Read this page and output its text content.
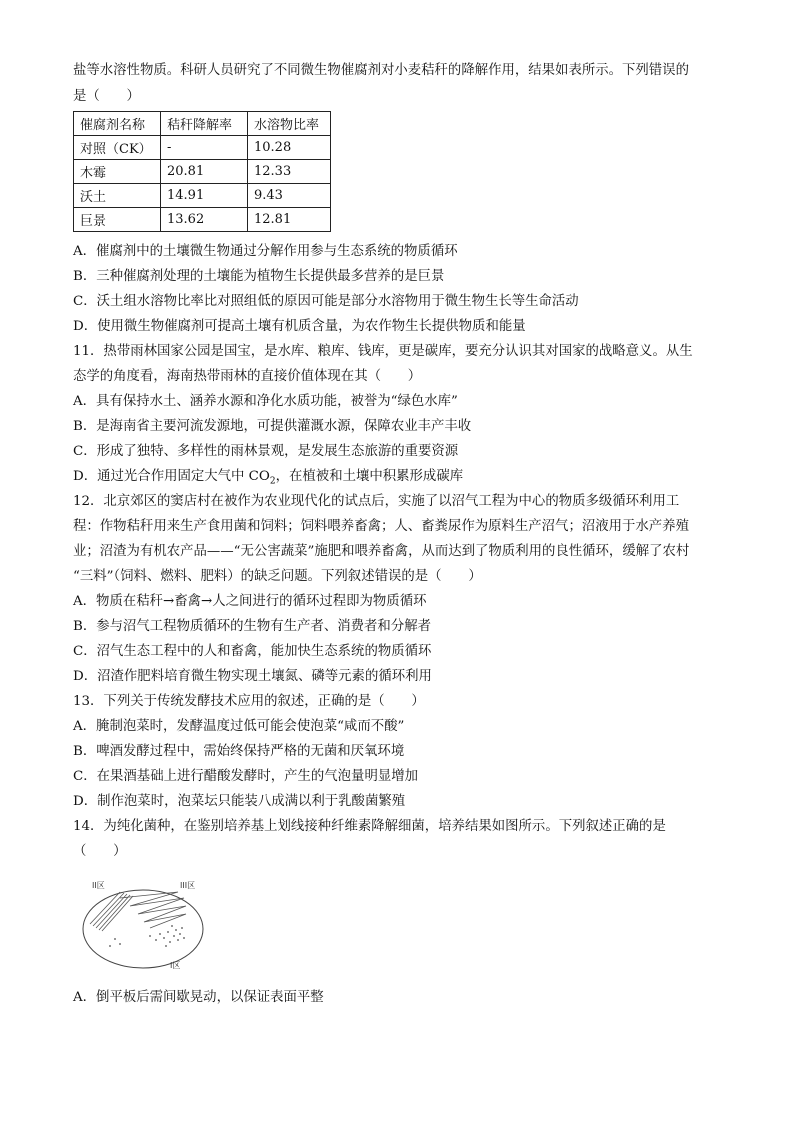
盐等水溶性物质。科研人员研究了不同微生物催腐剂对小麦秸秆的降解作用，结果如表所示。下列错误的
是（　　）
催腐剂名称	秸秆降解率	水溶物比率
对照（CK）	-	10.28
木霉	20.81	12.33
沃土	14.91	9.43
巨景	13.62	12.81
A．催腐剂中的土壤微生物通过分解作用参与生态系统的物质循环
B．三种催腐剂处理的土壤能为植物生长提供最多营养的是巨景
C．沃土组水溶物比率比对照组低的原因可能是部分水溶物用于微生物生长等生命活动
D．使用微生物催腐剂可提高土壤有机质含量，为农作物生长提供物质和能量
11．热带雨林国家公园是国宝，是水库、粮库、钱库，更是碳库，要充分认识其对国家的战略意义。从生
态学的角度看，海南热带雨林的直接价值体现在其（　　）
A．具有保持水土、涵养水源和净化水质功能，被誉为“绿色水库”
B．是海南省主要河流发源地，可提供灌溉水源，保障农业丰产丰收
C．形成了独特、多样性的雨林景观，是发展生态旅游的重要资源
D．通过光合作用固定大气中 $CO_2$，在植被和土壤中积累形成碳库
12．北京郊区的窦店村在被作为农业现代化的试点后，实施了以沼气工程为中心的物质多级循环利用工
程：作物秸秆用来生产食用菌和饲料；饲料喂养畜禽；人、畜粪尿作为原料生产沼气；沼液用于水产养殖
业；沼渣为有机农产品——“无公害蔬菜”施肥和喂养畜禽，从而达到了物质利用的良性循环，缓解了农村
“三料”（饲料、燃料、肥料）的缺乏问题。下列叙述错误的是（　　）
A．物质在秸秆→畜禽→人之间进行的循环过程即为物质循环
B．参与沼气工程物质循环的生物有生产者、消费者和分解者
C．沼气生态工程中的人和畜禽，能加快生态系统的物质循环
D．沼渣作肥料培育微生物实现土壤氮、磷等元素的循环利用
13．下列关于传统发酵技术应用的叙述，正确的是（　　）
A．腌制泡菜时，发酵温度过低可能会使泡菜“咸而不酸”
B．啤酒发酵过程中，需始终保持严格的无菌和厌氧环境
C．在果酒基础上进行醋酸发酵时，产生的气泡量明显增加
D．制作泡菜时，泡菜坛只能装八成满以利于乳酸菌繁殖
14．为纯化菌种，在鉴别培养基上划线接种纤维素降解细菌，培养结果如图所示。下列叙述正确的是
（　　）
II区	III区
I区
A．倒平板后需间歇晃动，以保证表面平整
